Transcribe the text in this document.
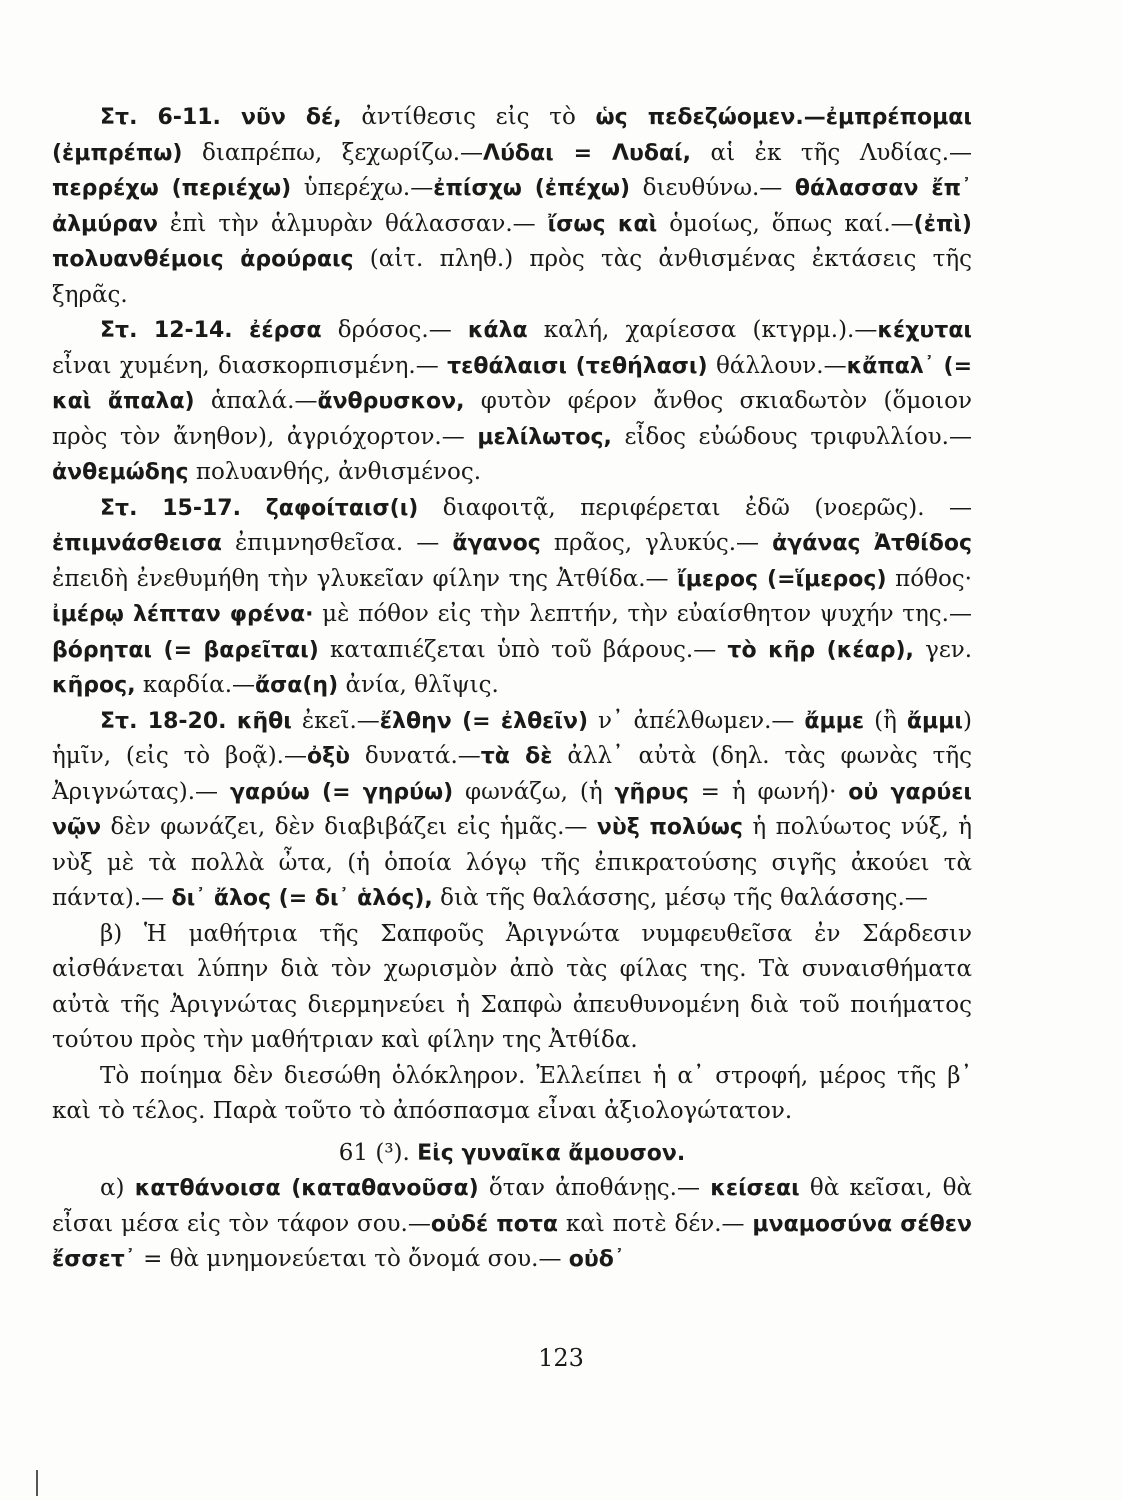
Στ. 6-11. νῦν δέ, ἀντίθεσις εἰς τὸ ὡς πεδεζώομεν.—ἐμπρέπομαι (ἐμπρέπω) διαπρέπω, ξεχωρίζω.—Λύδαι = Λυδαί, αἱ ἐκ τῆς Λυδίας.—περρέχω (περιέχω) ὑπερέχω.—ἐπίσχω (ἐπέχω) διευθύνω.— θάλασσαν ἔπ᾽ ἀλμύραν ἐπὶ τὴν ἁλμυρὰν θάλασσαν.— ἴσως καὶ ὁμοίως, ὅπως καί.—(ἐπὶ) πολυανθέμοις ἀρούραις (αἰτ. πληθ.) πρὸς τὰς ἀνθισμένας ἐκτάσεις τῆς ξηρᾶς.

Στ. 12-14. ἐέρσα δρόσος.— κάλα καλή, χαρίεσσα (κτγρμ.).—κέχυται εἶναι χυμένη, διασκορπισμένη.— τεθάλαισι (τεθήλασι) θάλλουν.—κἄπαλ᾽ (= καὶ ἄπαλα) ἁπαλά.—ἄνθρυσκον, φυτὸν φέρον ἄνθος σκιαδωτὸν (ὅμοιον πρὸς τὸν ἄνηθον), ἀγριόχορτον.— μελίλωτος, εἶδος εὐώδους τριφυλλίου.— ἀνθεμώδης πολυανθής, ἀνθισμένος.

Στ. 15-17. ζαφοίταισ(ι) διαφοιτᾷ, περιφέρεται ἐδῶ (νοερῶς). — ἐπιμνάσθεισα ἐπιμνησθεῖσα. — ἄγανος πρᾶος, γλυκύς.— ἀγάνας Ἀτθίδος ἐπειδὴ ἐνεθυμήθη τὴν γλυκεῖαν φίλην της Ἀτθίδα.— ἴμερος (=ἵμερος) πόθος· ἰμέρῳ λέπταν φρένα· μὲ πόθον εἰς τὴν λεπτήν, τὴν εὐαίσθητον ψυχήν της.— βόρηται (= βαρεῖται) καταπιέζεται ὑπὸ τοῦ βάρους.— τὸ κῆρ (κέαρ), γεν. κῆρος, καρδία.—ἄσα(η) ἀνία, θλῖψις.

Στ. 18-20. κῆθι ἐκεῖ.—ἔλθην (= ἐλθεῖν) ν᾽ ἀπέλθωμεν.— ἄμμε (ἢ ἄμμι) ἡμῖν, (εἰς τὸ βοᾷ).—ὀξὺ δυνατά.—τὰ δὲ ἀλλ᾽ αὐτὰ (δηλ. τὰς φωνὰς τῆς Ἀριγνώτας).— γαρύω (= γηρύω) φωνάζω, (ἡ γῆρυς = ἡ φωνή)· οὐ γαρύει νῷν δὲν φωνάζει, δὲν διαβιβάζει εἰς ἡμᾶς.— νὺξ πολύως ἡ πολύωτος νύξ, ἡ νὺξ μὲ τὰ πολλὰ ὦτα, (ἡ ὁποία λόγῳ τῆς ἐπικρατούσης σιγῆς ἀκούει τὰ πάντα).— δι᾽ ἄλος (= δι᾽ ἁλός), διὰ τῆς θαλάσσης, μέσῳ τῆς θαλάσσης.—

β) Ἡ μαθήτρια τῆς Σαπφοῦς Ἀριγνώτα νυμφευθεῖσα ἐν Σάρδεσιν αἰσθάνεται λύπην διὰ τὸν χωρισμὸν ἀπὸ τὰς φίλας της. Τὰ συναισθήματα αὐτὰ τῆς Ἀριγνώτας διερμηνεύει ἡ Σαπφὼ ἀπευθυνομένη διὰ τοῦ ποιήματος τούτου πρὸς τὴν μαθήτριαν καὶ φίλην της Ἀτθίδα.

Τὸ ποίημα δὲν διεσώθη ὁλόκληρον. Ἐλλείπει ἡ α᾽ στροφή, μέρος τῆς β᾽ καὶ τὸ τέλος. Παρὰ τοῦτο τὸ ἀπόσπασμα εἶναι ἀξιολογώτατον.

61 (³). Εἰς γυναῖκα ἄμουσον.

α) κατθάνοισα (καταθανοῦσα) ὅταν ἀποθάνῃς.— κείσεαι θὰ κεῖσαι, θὰ εἶσαι μέσα εἰς τὸν τάφον σου.—οὐδέ ποτα καὶ ποτὲ δέν.— μναμοσύνα σέθεν ἔσσετ᾽ = θὰ μνημονεύεται τὸ ὄνομά σου.— οὐδ᾽

123
